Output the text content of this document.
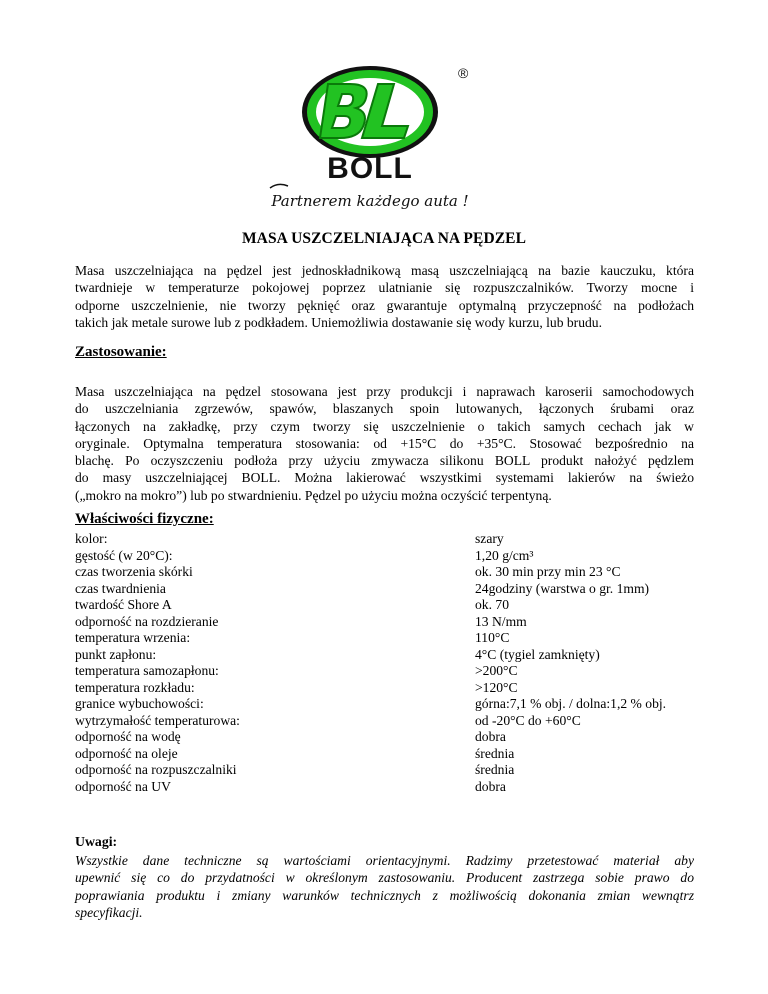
®
BOLL
Partnerem każdego auta !
MASA USZCZELNIAJĄCA NA PĘDZEL
Masa uszczelniająca na pędzel jest jednoskładnikową masą uszczelniającą na bazie kauczuku, która
twardnieje w temperaturze pokojowej poprzez ulatnianie się rozpuszczalników. Tworzy mocne i
odporne uszczelnienie, nie tworzy pęknięć oraz gwarantuje optymalną przyczepność na podłożach
takich jak metale surowe lub z podkładem. Uniemożliwia dostawanie się wody kurzu, lub brudu.
Zastosowanie:
Masa uszczelniająca na pędzel stosowana jest przy produkcji i naprawach karoserii samochodowych
do uszczelniania zgrzewów, spawów, blaszanych spoin lutowanych, łączonych śrubami oraz
łączonych na zakładkę, przy czym tworzy się uszczelnienie o takich samych cechach jak w
oryginale. Optymalna temperatura stosowania: od +15°C do +35°C. Stosować bezpośrednio na
blachę. Po oczyszczeniu podłoża przy użyciu zmywacza silikonu BOLL produkt nałożyć pędzlem
do masy uszczelniającej BOLL. Można lakierować wszystkimi systemami lakierów na świeżo
(„mokro na mokro”) lub po stwardnieniu. Pędzel po użyciu można oczyścić terpentyną.
Właściwości fizyczne:
kolor:	szary
gęstość (w 20°C):	1,20 g/cm³
czas tworzenia skórki	ok. 30 min przy min 23 °C
czas twardnienia	24godziny (warstwa o gr. 1mm)
twardość Shore A	ok. 70
odporność na rozdzieranie	13 N/mm
temperatura wrzenia:	110°C
punkt zapłonu:	4°C (tygiel zamknięty)
temperatura samozapłonu:	>200°C
temperatura rozkładu:	>120°C
granice wybuchowości:	górna:7,1 % obj. / dolna:1,2 % obj.
wytrzymałość temperaturowa:	od -20°C do +60°C
odporność na wodę	dobra
odporność na oleje	średnia
odporność na rozpuszczalniki	średnia
odporność na UV	dobra
Uwagi:
Wszystkie dane techniczne są wartościami orientacyjnymi. Radzimy przetestować materiał aby
upewnić się co do przydatności w określonym zastosowaniu. Producent zastrzega sobie prawo do
poprawiania produktu i zmiany warunków technicznych z możliwością dokonania zmian wewnątrz
specyfikacji.
